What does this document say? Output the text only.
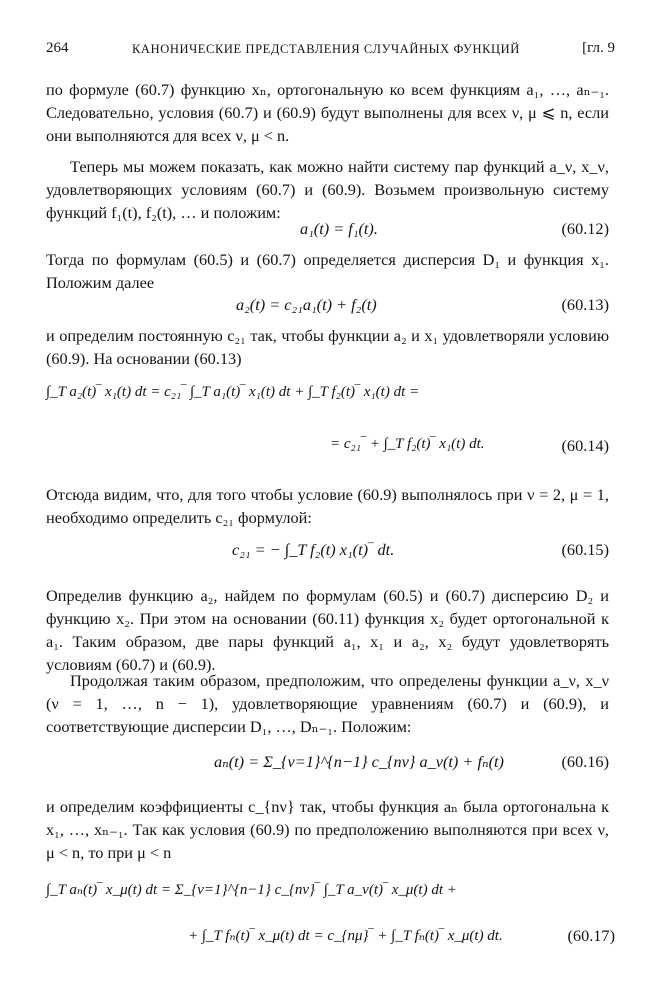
264	КАНОНИЧЕСКИЕ ПРЕДСТАВЛЕНИЯ СЛУЧАЙНЫХ ФУНКЦИЙ	[гл. 9

по формуле (60.7) функцию xₙ, ортогональную ко всем функциям a₁, …, aₙ₋₁. Следовательно, условия (60.7) и (60.9) будут выполнены для всех ν, μ ⩽ n, если они выполняются для всех ν, μ < n.

Теперь мы можем показать, как можно найти систему пар функций a_ν, x_ν, удовлетворяющих условиям (60.7) и (60.9). Возьмем произвольную систему функций f₁(t), f₂(t), … и положим:

a₁(t) = f₁(t).	(60.12)

Тогда по формулам (60.5) и (60.7) определяется дисперсия D₁ и функция x₁. Положим далее

a₂(t) = c₂₁a₁(t) + f₂(t)	(60.13)

и определим постоянную c₂₁ так, чтобы функции a₂ и x₁ удовлетворяли условию (60.9). На основании (60.13)

∫_T a₂(t)‾ x₁(t) dt = c₂₁‾ ∫_T a₁(t)‾ x₁(t) dt + ∫_T f₂(t)‾ x₁(t) dt =
= c₂₁‾ + ∫_T f₂(t)‾ x₁(t) dt.	(60.14)

Отсюда видим, что, для того чтобы условие (60.9) выполнялось при ν = 2, μ = 1, необходимо определить c₂₁ формулой:

c₂₁ = − ∫_T f₂(t) x₁(t)‾ dt.	(60.15)

Определив функцию a₂, найдем по формулам (60.5) и (60.7) дисперсию D₂ и функцию x₂. При этом на основании (60.11) функция x₂ будет ортогональной к a₁. Таким образом, две пары функций a₁, x₁ и a₂, x₂ будут удовлетворять условиям (60.7) и (60.9).

Продолжая таким образом, предположим, что определены функции a_ν, x_ν (ν = 1, …, n − 1), удовлетворяющие уравнениям (60.7) и (60.9), и соответствующие дисперсии D₁, …, Dₙ₋₁. Положим:

aₙ(t) = Σ_{ν=1}^{n−1} c_{nν} a_ν(t) + fₙ(t)	(60.16)

и определим коэффициенты c_{nν} так, чтобы функция aₙ была ортогональна к x₁, …, xₙ₋₁. Так как условия (60.9) по предположению выполняются при всех ν, μ < n, то при μ < n

∫_T aₙ(t)‾ x_μ(t) dt = Σ_{ν=1}^{n−1} c_{nν}‾ ∫_T a_ν(t)‾ x_μ(t) dt +
+ ∫_T fₙ(t)‾ x_μ(t) dt = c_{nμ}‾ + ∫_T fₙ(t)‾ x_μ(t) dt.	(60.17)
